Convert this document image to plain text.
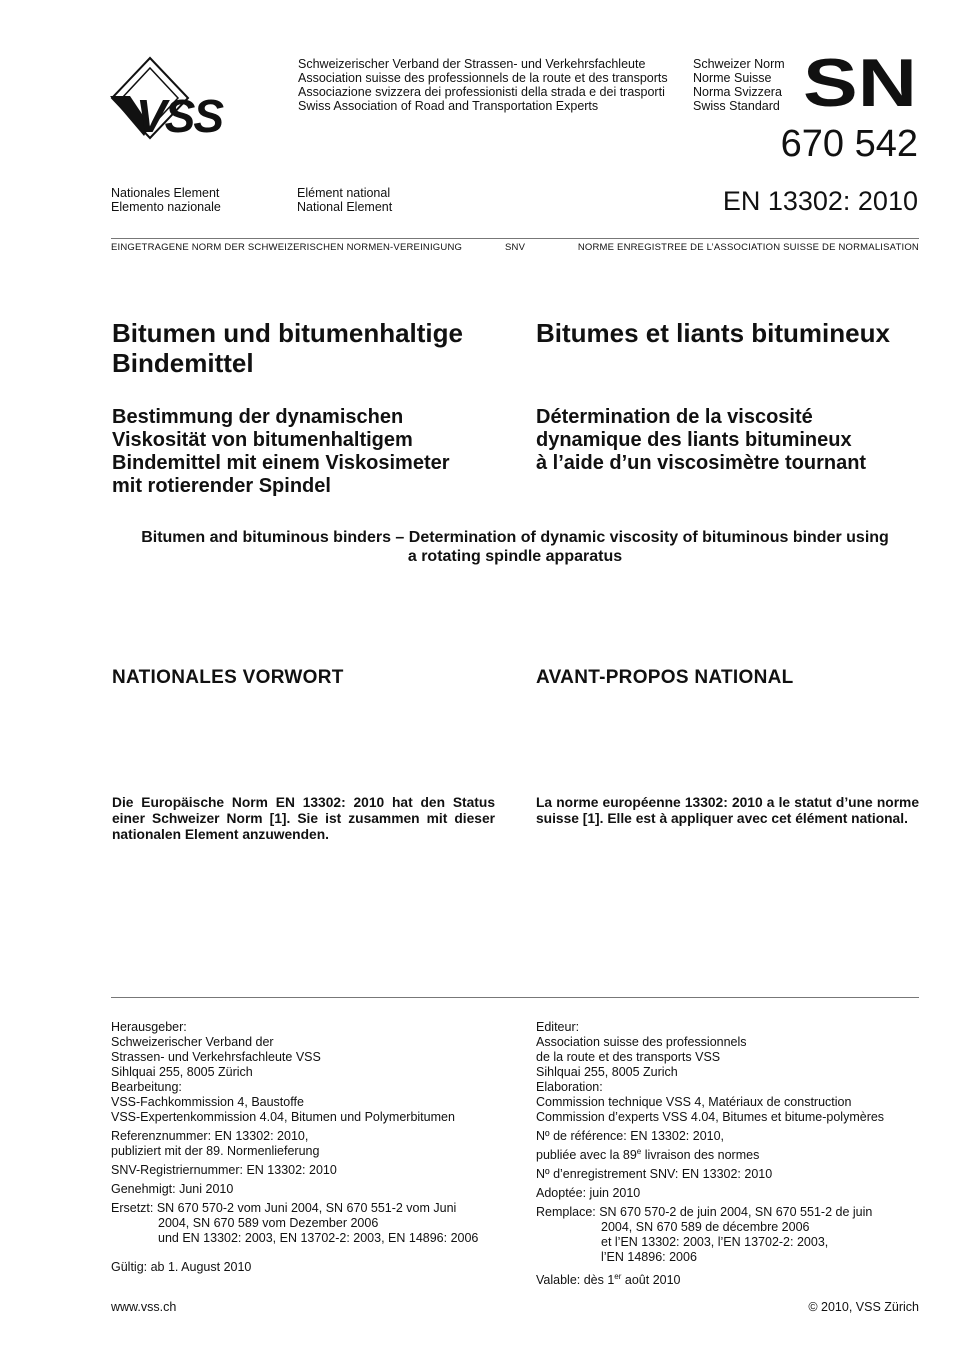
VSS
Schweizerischer Verband der Strassen- und Verkehrsfachleute
Association suisse des professionnels de la route et des transports
Associazione svizzera dei professionisti della strada e dei trasporti
Swiss Association of Road and Transportation Experts
Schweizer Norm
Norme Suisse
Norma Svizzera
Swiss Standard SN
670 542
EN 13302: 2010
Nationales Element
Elemento nazionale
Elément national
National Element
EINGETRAGENE NORM DER SCHWEIZERISCHEN NORMEN-VEREINIGUNG	SNV	NORME ENREGISTREE DE L’ASSOCIATION SUISSE DE NORMALISATION
Bitumen und bitumenhaltige
Bindemittel
Bitumes et liants bitumineux
Bestimmung der dynamischen
Viskosität von bitumenhaltigem
Bindemittel mit einem Viskosimeter
mit rotierender Spindel
Détermination de la viscosité
dynamique des liants bitumineux
à l’aide d’un viscosimètre tournant
Bitumen and bituminous binders – Determination of dynamic viscosity of bituminous binder using
a rotating spindle apparatus
NATIONALES VORWORT	AVANT-PROPOS NATIONAL
Die Europäische Norm EN 13302: 2010 hat den Status einer Schweizer Norm [1]. Sie ist zusammen mit dieser nationalen Element anzuwenden.
La norme européenne 13302: 2010 a le statut d’une norme suisse [1]. Elle est à appliquer avec cet élément national.
Herausgeber:
Schweizerischer Verband der
Strassen- und Verkehrsfachleute VSS
Sihlquai 255, 8005 Zürich
Bearbeitung:
VSS-Fachkommission 4, Baustoffe
VSS-Expertenkommission 4.04, Bitumen und Polymerbitumen
Referenznummer: EN 13302: 2010,
publiziert mit der 89. Normenlieferung
SNV-Registriernummer: EN 13302: 2010
Genehmigt: Juni 2010
Ersetzt: SN 670 570-2 vom Juni 2004, SN 670 551-2 vom Juni
2004, SN 670 589 vom Dezember 2006
und EN 13302: 2003, EN 13702-2: 2003, EN 14896: 2006
Gültig: ab 1. August 2010
www.vss.ch
Editeur:
Association suisse des professionnels
de la route et des transports VSS
Sihlquai 255, 8005 Zurich
Elaboration:
Commission technique VSS 4, Matériaux de construction
Commission d’experts VSS 4.04, Bitumes et bitume-polymères
Nº de référence: EN 13302: 2010,
publiée avec la 89e livraison des normes
Nº d’enregistrement SNV: EN 13302: 2010
Adoptée: juin 2010
Remplace: SN 670 570-2 de juin 2004, SN 670 551-2 de juin
2004, SN 670 589 de décembre 2006
et l’EN 13302: 2003, l’EN 13702-2: 2003,
l’EN 14896: 2006
Valable: dès 1er août 2010
© 2010, VSS Zürich
